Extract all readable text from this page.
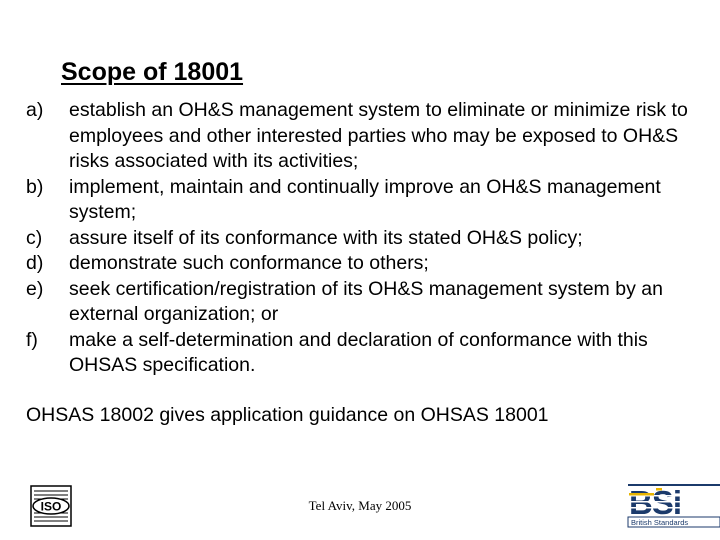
Scope of 18001
a)	establish an OH&S management system to eliminate or minimize risk to employees and other interested parties who may be exposed to OH&S risks associated with its activities;
b)	implement, maintain and continually improve an OH&S management system;
c)	assure itself of its conformance with its stated OH&S policy;
d)	demonstrate such conformance to others;
e)	seek certification/registration of its OH&S management system by an external organization; or
f)	make a self-determination and declaration of conformance with this OHSAS specification.
OHSAS 18002 gives application guidance on OHSAS 18001
Tel Aviv, May 2005
ISO
British Standards
